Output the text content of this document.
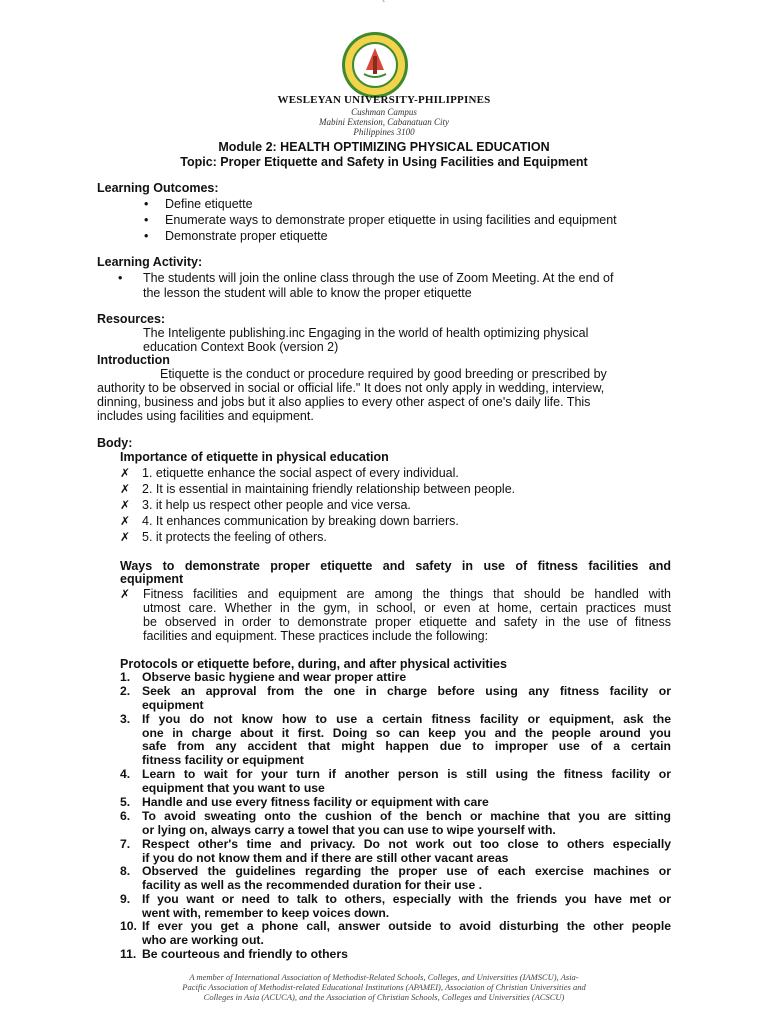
`
WESLEYAN UNIVERSITY-PHILIPPINES
Cushman Campus
Mabini Extension, Cabanatuan City
Philippines 3100
Module 2: HEALTH OPTIMIZING PHYSICAL EDUCATION
Topic: Proper Etiquette and Safety in Using Facilities and Equipment
Learning Outcomes:
• Define etiquette
• Enumerate ways to demonstrate proper etiquette in using facilities and equipment
• Demonstrate proper etiquette
Learning Activity:
• The students will join the online class through the use of Zoom Meeting. At the end of
the lesson the student will able to know the proper etiquette
Resources:
The Inteligente publishing.inc Engaging in the world of health optimizing physical
education Context Book (version 2)
Introduction
Etiquette is the conduct or procedure required by good breeding or prescribed by
authority to be observed in social or official life." It does not only apply in wedding, interview,
dinning, business and jobs but it also applies to every other aspect of one's daily life. This
includes using facilities and equipment.
Body:
Importance of etiquette in physical education
✗ 1. etiquette enhance the social aspect of every individual.
✗ 2. It is essential in maintaining friendly relationship between people.
✗ 3. it help us respect other people and vice versa.
✗ 4. It enhances communication by breaking down barriers.
✗ 5. it protects the feeling of others.
Ways to demonstrate proper etiquette and safety in use of fitness facilities and
equipment
✗ Fitness facilities and equipment are among the things that should be handled with
utmost care. Whether in the gym, in school, or even at home, certain practices must
be observed in order to demonstrate proper etiquette and safety in the use of fitness
facilities and equipment. These practices include the following:
Protocols or etiquette before, during, and after physical activities
1. Observe basic hygiene and wear proper attire
2. Seek an approval from the one in charge before using any fitness facility or
equipment
3. If you do not know how to use a certain fitness facility or equipment, ask the
one in charge about it first. Doing so can keep you and the people around you
safe from any accident that might happen due to improper use of a certain
fitness facility or equipment
4. Learn to wait for your turn if another person is still using the fitness facility or
equipment that you want to use
5. Handle and use every fitness facility or equipment with care
6. To avoid sweating onto the cushion of the bench or machine that you are sitting
or lying on, always carry a towel that you can use to wipe yourself with.
7. Respect other's time and privacy. Do not work out too close to others especially
if you do not know them and if there are still other vacant areas
8. Observed the guidelines regarding the proper use of each exercise machines or
facility as well as the recommended duration for their use .
9. If you want or need to talk to others, especially with the friends you have met or
went with, remember to keep voices down.
10. If ever you get a phone call, answer outside to avoid disturbing the other people
who are working out.
11. Be courteous and friendly to others
A member of International Association of Methodist-Related Schools, Colleges, and Universities (IAMSCU), Asia-
Pacific Association of Methodist-related Educational Institutions (APAMEI), Association of Christian Universities and
Colleges in Asia (ACUCA), and the Association of Christian Schools, Colleges and Universities (ACSCU)
